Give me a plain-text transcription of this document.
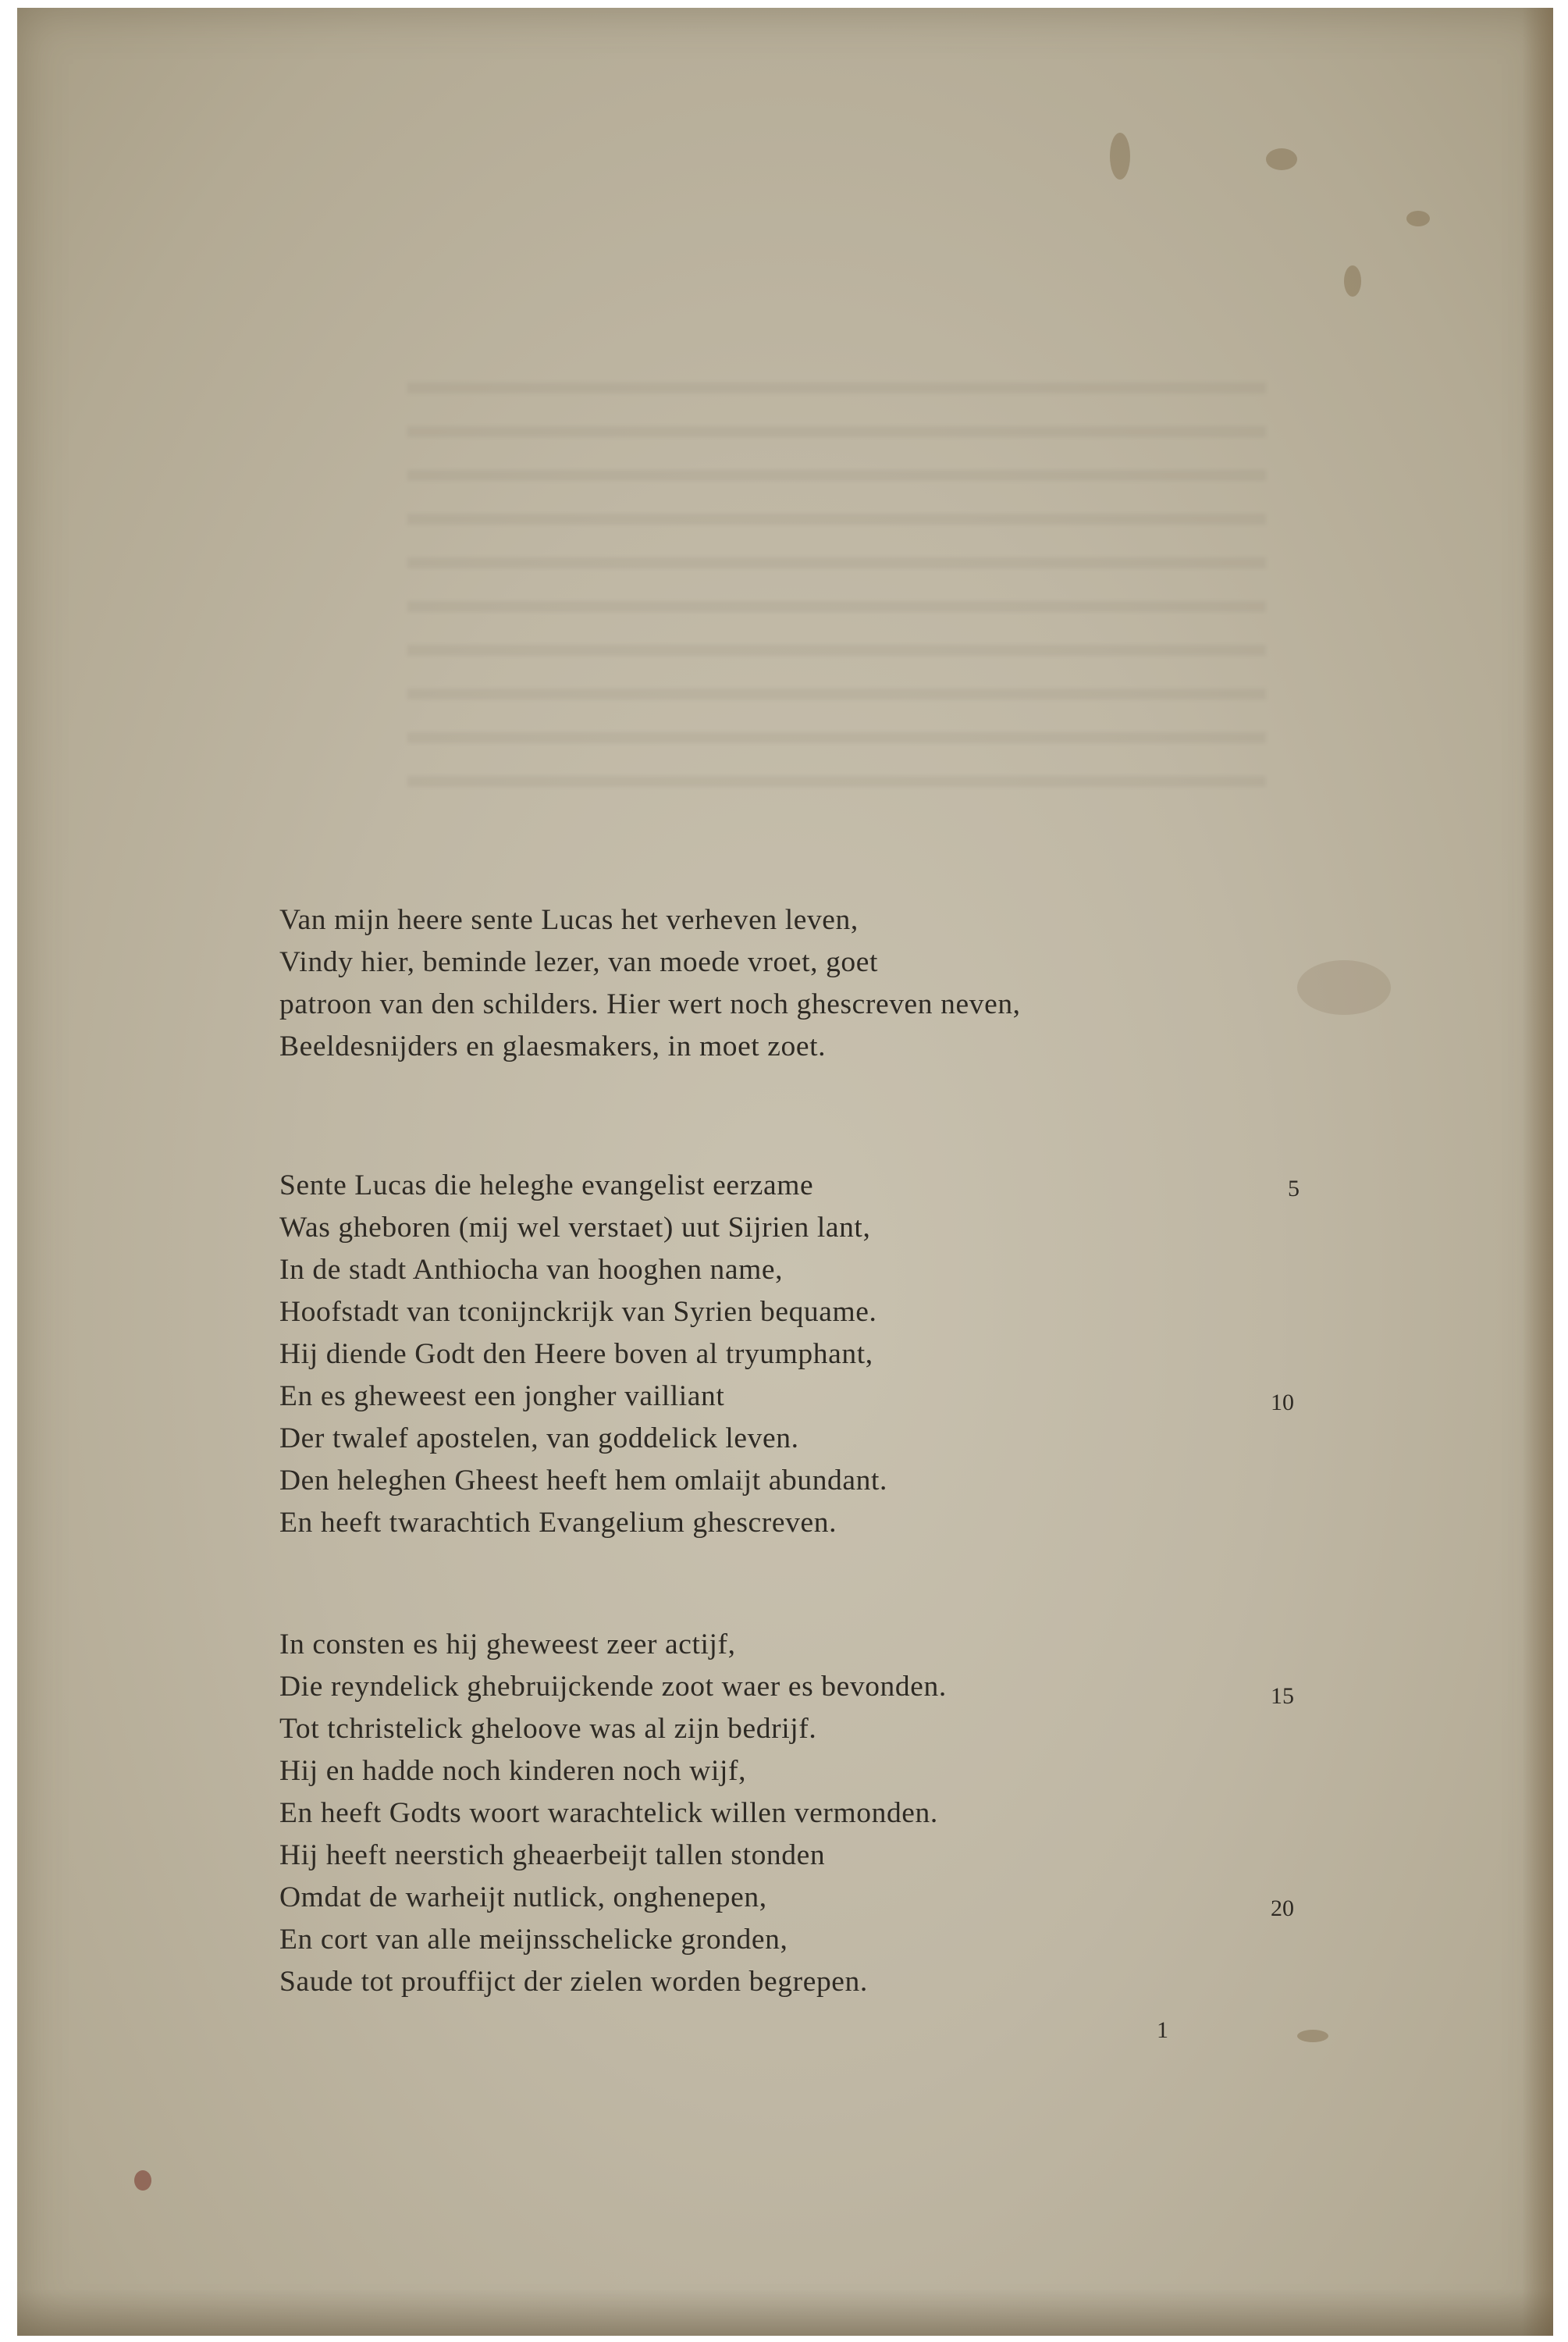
Van mijn heere sente Lucas het verheven leven,
Vindy hier, beminde lezer, van moede vroet, goet
patroon van den schilders. Hier wert noch ghescreven neven,
Beeldesnijders en glaesmakers, in moet zoet.
Sente Lucas die heleghe evangelist eerzame
Was gheboren (mij wel verstaet) uut Sijrien lant,
In de stadt Anthiocha van hooghen name,
Hoofstadt van tconijnckrijk van Syrien bequame.
Hij diende Godt den Heere boven al tryumphant,
En es gheweest een jongher vailliant
Der twalef apostelen, van goddelick leven.
Den heleghen Gheest heeft hem omlaijt abundant.
En heeft twarachtich Evangelium ghescreven.
In consten es hij gheweest zeer actijf,
Die reyndelick ghebruijckende zoot waer es bevonden.
Tot tchristelick gheloove was al zijn bedrijf.
Hij en hadde noch kinderen noch wijf,
En heeft Godts woort warachtelick willen vermonden.
Hij heeft neerstich gheaerbeijt tallen stonden
Omdat de warheijt nutlick, onghenepen,
En cort van alle meijnsschelicke gronden,
Saude tot prouffijct der zielen worden begrepen.
5
10
15
20
1
